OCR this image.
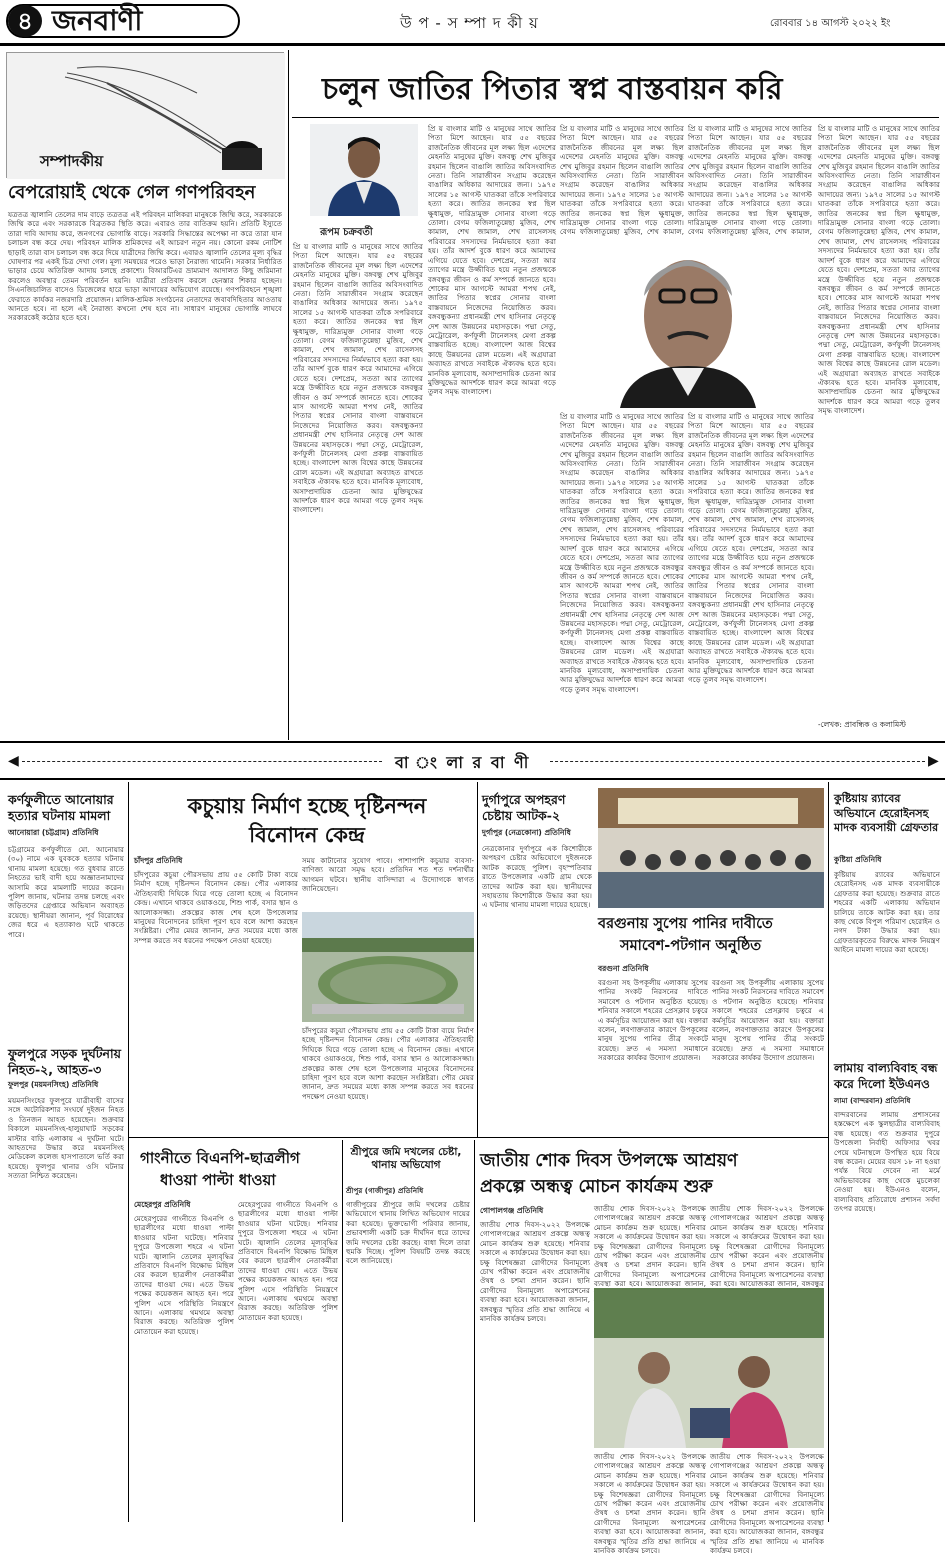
৪ জনবাণী	উ প - স ম্পা দ কী য়	রোববার ১৪ আগস্ট ২০২২ ইং
সম্পাদকীয়
বেপরোয়াই থেকে গেল গণপরিবহন
যত্রতত্র জ্বালানি তেলের দাম বাড়ে তত্রতত্র এই পরিবহন মালিকরা মানুষকে জিম্মি করে, সরকারকে জিম্মি করে এবং সরকারকে বিব্রতকর স্থিতি করে। এবারও তার ব্যতিক্রম হয়নি। প্রতিটি ইস্যুতে তারা দাবি আদায় করে, জনগণের ভোগান্তি বাড়ে। সরকারি সিদ্ধান্তের অপেক্ষা না করে তারা যান চলাচল বন্ধ করে দেয়। পরিবহন মালিক শ্রমিকদের এই আচরণ নতুন নয়। কোনো রকম নোটিশ ছাড়াই তারা বাস চলাচল বন্ধ করে দিয়ে যাত্রীদের জিম্মি করে। এবারও জ্বালানি তেলের মূল্য বৃদ্ধির ঘোষণার পর একই চিত্র দেখা গেল। মূল্য সমন্বয়ের পরেও ভাড়া নৈরাজ্য থামেনি। সরকার নির্ধারিত ভাড়ার চেয়ে অতিরিক্ত আদায় চলছে প্রকাশ্যে। বিআরটিএর ভ্রাম্যমাণ আদালত কিছু জরিমানা করলেও অবস্থার তেমন পরিবর্তন হয়নি। যাত্রীরা প্রতিবাদ করলে হেনস্তার শিকার হচ্ছেন। সিএনজিচালিত বাসেও ডিজেলের হারে ভাড়া আদায়ের অভিযোগ রয়েছে। গণপরিবহনে শৃঙ্খলা ফেরাতে কার্যকর নজরদারি প্রয়োজন। মালিক-শ্রমিক সংগঠনের নেতাদের জবাবদিহিতার আওতায় আনতে হবে। না হলে এই নৈরাজ্য কখনো শেষ হবে না। সাধারণ মানুষের ভোগান্তি লাঘবে সরকারকেই কঠোর হতে হবে।
চলুন জাতির পিতার স্বপ্ন বাস্তবায়ন করি
রূপম চক্রবর্তী
প্রি য় বাংলার মাটি ও মানুষের সাথে জাতির পিতা মিশে আছেন। যার ৫৫ বছরের রাজনৈতিক জীবনের মূল লক্ষ্য ছিল এদেশের মেহনতি মানুষের মুক্তি। বঙ্গবন্ধু শেখ মুজিবুর রহমান ছিলেন বাঙালি জাতির অবিসংবাদিত নেতা। তিনি সারাজীবন সংগ্রাম করেছেন বাঙালির অধিকার আদায়ের জন্য। ১৯৭৫ সালের ১৫ আগস্ট ঘাতকরা তাঁকে সপরিবারে হত্যা করে। জাতির জনকের স্বপ্ন ছিল ক্ষুধামুক্ত, দারিদ্র্যমুক্ত সোনার বাংলা গড়ে তোলা। বেগম ফজিলাতুন্নেছা মুজিব, শেখ কামাল, শেখ জামাল, শেখ রাসেলসহ পরিবারের সদস্যদের নির্মমভাবে হত্যা করা হয়। তাঁর আদর্শ বুকে ধারণ করে আমাদের এগিয়ে যেতে হবে। দেশপ্রেম, সততা আর ত্যাগের মন্ত্রে উজ্জীবিত হয়ে নতুন প্রজন্মকে বঙ্গবন্ধুর জীবন ও কর্ম সম্পর্কে জানতে হবে। শোকের মাস আগস্টে আমরা শপথ নেই, জাতির পিতার স্বপ্নের সোনার বাংলা বাস্তবায়নে নিজেদের নিয়োজিত করব। বঙ্গবন্ধুকন্যা প্রধানমন্ত্রী শেখ হাসিনার নেতৃত্বে দেশ আজ উন্নয়নের মহাসড়কে। পদ্মা সেতু, মেট্রোরেল, কর্ণফুলী টানেলসহ মেগা প্রকল্প বাস্তবায়িত হচ্ছে। বাংলাদেশ আজ বিশ্বের কাছে উন্নয়নের রোল মডেল। এই অগ্রযাত্রা অব্যাহত রাখতে সবাইকে ঐক্যবদ্ধ হতে হবে। মানবিক মূল্যবোধ, অসাম্প্রদায়িক চেতনা আর মুক্তিযুদ্ধের আদর্শকে ধারণ করে আমরা গড়ে তুলব সমৃদ্ধ বাংলাদেশ।
প্রি য় বাংলার মাটি ও মানুষের সাথে জাতির পিতা মিশে আছেন। যার ৫৫ বছরের রাজনৈতিক জীবনের মূল লক্ষ্য ছিল এদেশের মেহনতি মানুষের মুক্তি। বঙ্গবন্ধু শেখ মুজিবুর রহমান ছিলেন বাঙালি জাতির অবিসংবাদিত নেতা। তিনি সারাজীবন সংগ্রাম করেছেন বাঙালির অধিকার আদায়ের জন্য। ১৯৭৫ সালের ১৫ আগস্ট ঘাতকরা তাঁকে সপরিবারে হত্যা করে। জাতির জনকের স্বপ্ন ছিল ক্ষুধামুক্ত, দারিদ্র্যমুক্ত সোনার বাংলা গড়ে তোলা। বেগম ফজিলাতুন্নেছা মুজিব, শেখ কামাল, শেখ জামাল, শেখ রাসেলসহ পরিবারের সদস্যদের নির্মমভাবে হত্যা করা হয়। তাঁর আদর্শ বুকে ধারণ করে আমাদের এগিয়ে যেতে হবে। দেশপ্রেম, সততা আর ত্যাগের মন্ত্রে উজ্জীবিত হয়ে নতুন প্রজন্মকে বঙ্গবন্ধুর জীবন ও কর্ম সম্পর্কে জানতে হবে। শোকের মাস আগস্টে আমরা শপথ নেই, জাতির পিতার স্বপ্নের সোনার বাংলা বাস্তবায়নে নিজেদের নিয়োজিত করব। বঙ্গবন্ধুকন্যা প্রধানমন্ত্রী শেখ হাসিনার নেতৃত্বে দেশ আজ উন্নয়নের মহাসড়কে। পদ্মা সেতু, মেট্রোরেল, কর্ণফুলী টানেলসহ মেগা প্রকল্প বাস্তবায়িত হচ্ছে। বাংলাদেশ আজ বিশ্বের কাছে উন্নয়নের রোল মডেল। এই অগ্রযাত্রা অব্যাহত রাখতে সবাইকে ঐক্যবদ্ধ হতে হবে। মানবিক মূল্যবোধ, অসাম্প্রদায়িক চেতনা আর মুক্তিযুদ্ধের আদর্শকে ধারণ করে আমরা গড়ে তুলব সমৃদ্ধ বাংলাদেশ।
প্রি য় বাংলার মাটি ও মানুষের সাথে জাতির পিতা মিশে আছেন। যার ৫৫ বছরের রাজনৈতিক জীবনের মূল লক্ষ্য ছিল এদেশের মেহনতি মানুষের মুক্তি। বঙ্গবন্ধু শেখ মুজিবুর রহমান ছিলেন বাঙালি জাতির অবিসংবাদিত নেতা। তিনি সারাজীবন সংগ্রাম করেছেন বাঙালির অধিকার আদায়ের জন্য। ১৯৭৫ সালের ১৫ আগস্ট ঘাতকরা তাঁকে সপরিবারে হত্যা করে। জাতির জনকের স্বপ্ন ছিল ক্ষুধামুক্ত, দারিদ্র্যমুক্ত সোনার বাংলা গড়ে তোলা। বেগম ফজিলাতুন্নেছা মুজিব, শেখ কামাল,
প্রি য় বাংলার মাটি ও মানুষের সাথে জাতির পিতা মিশে আছেন। যার ৫৫ বছরের রাজনৈতিক জীবনের মূল লক্ষ্য ছিল এদেশের মেহনতি মানুষের মুক্তি। বঙ্গবন্ধু শেখ মুজিবুর রহমান ছিলেন বাঙালি জাতির অবিসংবাদিত নেতা। তিনি সারাজীবন সংগ্রাম করেছেন বাঙালির অধিকার আদায়ের জন্য। ১৯৭৫ সালের ১৫ আগস্ট ঘাতকরা তাঁকে সপরিবারে হত্যা করে। জাতির জনকের স্বপ্ন ছিল ক্ষুধামুক্ত, দারিদ্র্যমুক্ত সোনার বাংলা গড়ে তোলা। বেগম ফজিলাতুন্নেছা মুজিব, শেখ কামাল,
প্রি য় বাংলার মাটি ও মানুষের সাথে জাতির পিতা মিশে আছেন। যার ৫৫ বছরের রাজনৈতিক জীবনের মূল লক্ষ্য ছিল এদেশের মেহনতি মানুষের মুক্তি। বঙ্গবন্ধু শেখ মুজিবুর রহমান ছিলেন বাঙালি জাতির অবিসংবাদিত নেতা। তিনি সারাজীবন সংগ্রাম করেছেন বাঙালির অধিকার আদায়ের জন্য। ১৯৭৫ সালের ১৫ আগস্ট ঘাতকরা তাঁকে সপরিবারে হত্যা করে। জাতির জনকের স্বপ্ন ছিল ক্ষুধামুক্ত, দারিদ্র্যমুক্ত সোনার বাংলা গড়ে তোলা। বেগম ফজিলাতুন্নেছা মুজিব, শেখ কামাল, শেখ জামাল, শেখ রাসেলসহ পরিবারের সদস্যদের নির্মমভাবে হত্যা করা হয়। তাঁর আদর্শ বুকে ধারণ করে আমাদের এগিয়ে যেতে হবে। দেশপ্রেম, সততা আর ত্যাগের মন্ত্রে উজ্জীবিত হয়ে নতুন প্রজন্মকে বঙ্গবন্ধুর জীবন ও কর্ম সম্পর্কে জানতে হবে। শোকের মাস আগস্টে আমরা শপথ নেই, জাতির পিতার স্বপ্নের সোনার বাংলা বাস্তবায়নে নিজেদের নিয়োজিত করব। বঙ্গবন্ধুকন্যা প্রধানমন্ত্রী শেখ হাসিনার নেতৃত্বে দেশ আজ উন্নয়নের মহাসড়কে। পদ্মা সেতু, মেট্রোরেল, কর্ণফুলী টানেলসহ মেগা প্রকল্প বাস্তবায়িত হচ্ছে। বাংলাদেশ আজ বিশ্বের কাছে উন্নয়নের রোল মডেল। এই অগ্রযাত্রা অব্যাহত রাখতে সবাইকে ঐক্যবদ্ধ হতে হবে। মানবিক মূল্যবোধ, অসাম্প্রদায়িক চেতনা আর মুক্তিযুদ্ধের আদর্শকে ধারণ করে আমরা গড়ে তুলব সমৃদ্ধ বাংলাদেশ।
প্রি য় বাংলার মাটি ও মানুষের সাথে জাতির পিতা মিশে আছেন। যার ৫৫ বছরের রাজনৈতিক জীবনের মূল লক্ষ্য ছিল এদেশের মেহনতি মানুষের মুক্তি। বঙ্গবন্ধু শেখ মুজিবুর রহমান ছিলেন বাঙালি জাতির অবিসংবাদিত নেতা। তিনি সারাজীবন সংগ্রাম করেছেন বাঙালির অধিকার আদায়ের জন্য। ১৯৭৫ সালের ১৫ আগস্ট ঘাতকরা তাঁকে সপরিবারে হত্যা করে। জাতির জনকের স্বপ্ন ছিল ক্ষুধামুক্ত, দারিদ্র্যমুক্ত সোনার বাংলা গড়ে তোলা। বেগম ফজিলাতুন্নেছা মুজিব, শেখ কামাল, শেখ জামাল, শেখ রাসেলসহ পরিবারের সদস্যদের নির্মমভাবে হত্যা করা হয়। তাঁর আদর্শ বুকে ধারণ করে আমাদের এগিয়ে যেতে হবে। দেশপ্রেম, সততা আর ত্যাগের মন্ত্রে উজ্জীবিত হয়ে নতুন প্রজন্মকে বঙ্গবন্ধুর জীবন ও কর্ম সম্পর্কে জানতে হবে। শোকের মাস আগস্টে আমরা শপথ নেই, জাতির পিতার স্বপ্নের সোনার বাংলা বাস্তবায়নে নিজেদের নিয়োজিত করব। বঙ্গবন্ধুকন্যা প্রধানমন্ত্রী শেখ হাসিনার নেতৃত্বে দেশ আজ উন্নয়নের মহাসড়কে। পদ্মা সেতু, মেট্রোরেল, কর্ণফুলী টানেলসহ মেগা প্রকল্প বাস্তবায়িত হচ্ছে। বাংলাদেশ আজ বিশ্বের কাছে উন্নয়নের রোল মডেল। এই অগ্রযাত্রা অব্যাহত রাখতে সবাইকে ঐক্যবদ্ধ হতে হবে। মানবিক মূল্যবোধ, অসাম্প্রদায়িক চেতনা আর মুক্তিযুদ্ধের আদর্শকে ধারণ করে আমরা গড়ে তুলব সমৃদ্ধ বাংলাদেশ।
প্রি য় বাংলার মাটি ও মানুষের সাথে জাতির পিতা মিশে আছেন। যার ৫৫ বছরের রাজনৈতিক জীবনের মূল লক্ষ্য ছিল এদেশের মেহনতি মানুষের মুক্তি। বঙ্গবন্ধু শেখ মুজিবুর রহমান ছিলেন বাঙালি জাতির অবিসংবাদিত নেতা। তিনি সারাজীবন সংগ্রাম করেছেন বাঙালির অধিকার আদায়ের জন্য। ১৯৭৫ সালের ১৫ আগস্ট ঘাতকরা তাঁকে সপরিবারে হত্যা করে। জাতির জনকের স্বপ্ন ছিল ক্ষুধামুক্ত, দারিদ্র্যমুক্ত সোনার বাংলা গড়ে তোলা। বেগম ফজিলাতুন্নেছা মুজিব, শেখ কামাল, শেখ জামাল, শেখ রাসেলসহ পরিবারের সদস্যদের নির্মমভাবে হত্যা করা হয়। তাঁর আদর্শ বুকে ধারণ করে আমাদের এগিয়ে যেতে হবে। দেশপ্রেম, সততা আর ত্যাগের মন্ত্রে উজ্জীবিত হয়ে নতুন প্রজন্মকে বঙ্গবন্ধুর জীবন ও কর্ম সম্পর্কে জানতে হবে। শোকের মাস আগস্টে আমরা শপথ নেই, জাতির পিতার স্বপ্নের সোনার বাংলা বাস্তবায়নে নিজেদের নিয়োজিত করব। বঙ্গবন্ধুকন্যা প্রধানমন্ত্রী শেখ হাসিনার নেতৃত্বে দেশ আজ উন্নয়নের মহাসড়কে। পদ্মা সেতু, মেট্রোরেল, কর্ণফুলী টানেলসহ মেগা প্রকল্প বাস্তবায়িত হচ্ছে। বাংলাদেশ আজ বিশ্বের কাছে উন্নয়নের রোল মডেল। এই অগ্রযাত্রা অব্যাহত রাখতে সবাইকে ঐক্যবদ্ধ হতে হবে। মানবিক মূল্যবোধ, অসাম্প্রদায়িক চেতনা আর মুক্তিযুদ্ধের আদর্শকে ধারণ করে আমরা গড়ে তুলব সমৃদ্ধ বাংলাদেশ।
-লেখক: প্রাবন্ধিক ও কলামিস্ট
◀	বা ং লা র বা ণী	▶
কর্ণফুলীতে আনোয়ার হত্যার ঘটনায় মামলা
আনোয়ারা (চট্টগ্রাম) প্রতিনিধি
চট্টগ্রামের কর্ণফুলীতে মো. আনোয়ার (৩০) নামে এক যুবককে হত্যার ঘটনায় থানায় মামলা হয়েছে। গত বুধবার রাতে নিহতের ভাই বাদী হয়ে অজ্ঞাতনামাদের আসামি করে মামলাটি দায়ের করেন। পুলিশ জানায়, ঘটনার তদন্ত চলছে এবং জড়িতদের গ্রেপ্তারে অভিযান অব্যাহত রয়েছে। স্থানীয়রা জানান, পূর্ব বিরোধের জের ধরে এ হত্যাকাণ্ড ঘটে থাকতে পারে।
ফুলপুরে সড়ক দুর্ঘটনায় নিহত-২, আহত-৩
ফুলপুর (ময়মনসিংহ) প্রতিনিধি
ময়মনসিংহের ফুলপুরে যাত্রীবাহী বাসের সঙ্গে অটোরিকশার সংঘর্ষে দুইজন নিহত ও তিনজন আহত হয়েছেন। শুক্রবার বিকালে ময়মনসিংহ-হালুয়াঘাট সড়কের মাস্টার বাড়ি এলাকায় এ দুর্ঘটনা ঘটে। আহতদের উদ্ধার করে ময়মনসিংহ মেডিকেল কলেজ হাসপাতালে ভর্তি করা হয়েছে। ফুলপুর থানার ওসি ঘটনার সত্যতা নিশ্চিত করেছেন।
কচুয়ায় নির্মাণ হচ্ছে দৃষ্টিনন্দন
বিনোদন কেন্দ্র
চাঁদপুর প্রতিনিধি
চাঁদপুরের কচুয়া পৌরসভায় প্রায় ৫৫ কোটি টাকা ব্যয়ে নির্মাণ হচ্ছে দৃষ্টিনন্দন বিনোদন কেন্দ্র। পৌর এলাকার ঐতিহ্যবাহী দিঘিকে ঘিরে গড়ে তোলা হচ্ছে এ বিনোদন কেন্দ্র। এখানে থাকবে ওয়াকওয়ে, শিশু পার্ক, বসার স্থান ও আলোকসজ্জা। প্রকল্পের কাজ শেষ হলে উপজেলার মানুষের বিনোদনের চাহিদা পূরণ হবে বলে আশা করছেন সংশ্লিষ্টরা। পৌর মেয়র জানান, দ্রুত সময়ের মধ্যে কাজ সম্পন্ন করতে সব ধরনের পদক্ষেপ নেওয়া হয়েছে।
সময় কাটানোর সুযোগ পাবে। পাশাপাশি কচুয়ার ব্যবসা-বাণিজ্য আরো সমৃদ্ধ হবে। প্রতিদিন শত শত দর্শনার্থীর আগমন ঘটবে। স্থানীয় বাসিন্দারা এ উদ্যোগকে স্বাগত জানিয়েছেন।
চাঁদপুরের কচুয়া পৌরসভায় প্রায় ৫৫ কোটি টাকা ব্যয়ে নির্মাণ হচ্ছে দৃষ্টিনন্দন বিনোদন কেন্দ্র। পৌর এলাকার ঐতিহ্যবাহী দিঘিকে ঘিরে গড়ে তোলা হচ্ছে এ বিনোদন কেন্দ্র। এখানে থাকবে ওয়াকওয়ে, শিশু পার্ক, বসার স্থান ও আলোকসজ্জা। প্রকল্পের কাজ শেষ হলে উপজেলার মানুষের বিনোদনের চাহিদা পূরণ হবে বলে আশা করছেন সংশ্লিষ্টরা। পৌর মেয়র জানান, দ্রুত সময়ের মধ্যে কাজ সম্পন্ন করতে সব ধরনের পদক্ষেপ নেওয়া হয়েছে।
দুর্গাপুরে অপহরণ চেষ্টায় আটক-২
দুর্গাপুর (নেত্রকোনা) প্রতিনিধি
নেত্রকোনার দুর্গাপুরে এক কিশোরীকে অপহরণ চেষ্টার অভিযোগে দুইজনকে আটক করেছে পুলিশ। বৃহস্পতিবার রাতে উপজেলার একটি গ্রাম থেকে তাদের আটক করা হয়। স্থানীয়দের সহায়তায় কিশোরীকে উদ্ধার করা হয়। এ ঘটনায় থানায় মামলা দায়ের হয়েছে।
বরগুনায় সুপেয় পানির দাবীতে
সমাবেশ-পটগান অনুষ্ঠিত
বরগুনা প্রতিনিধি
বরগুনা সহ উপকূলীয় এলাকায় সুপেয় পানির সংকট নিরসনের দাবিতে সমাবেশ ও পটগান অনুষ্ঠিত হয়েছে। শনিবার সকালে শহরের প্রেসক্লাব চত্বরে এ কর্মসূচির আয়োজন করা হয়। বক্তারা বলেন, লবণাক্ততার কারণে উপকূলের মানুষ সুপেয় পানির তীব্র সংকটে রয়েছে। দ্রুত এ সমস্যা সমাধানে সরকারের কার্যকর উদ্যোগ প্রয়োজন।
বরগুনা সহ উপকূলীয় এলাকায় সুপেয় পানির সংকট নিরসনের দাবিতে সমাবেশ ও পটগান অনুষ্ঠিত হয়েছে। শনিবার সকালে শহরের প্রেসক্লাব চত্বরে এ কর্মসূচির আয়োজন করা হয়। বক্তারা বলেন, লবণাক্ততার কারণে উপকূলের মানুষ সুপেয় পানির তীব্র সংকটে রয়েছে। দ্রুত এ সমস্যা সমাধানে সরকারের কার্যকর উদ্যোগ প্রয়োজন।
কুষ্টিয়ায় র‍্যাবের অভিযানে হেরোইনসহ মাদক ব্যবসায়ী গ্রেফতার
কুষ্টিয়া প্রতিনিধি
কুষ্টিয়ায় র‍্যাবের অভিযানে হেরোইনসহ এক মাদক ব্যবসায়ীকে গ্রেফতার করা হয়েছে। শুক্রবার রাতে শহরের একটি এলাকায় অভিযান চালিয়ে তাকে আটক করা হয়। তার কাছ থেকে বিপুল পরিমাণ হেরোইন ও নগদ টাকা উদ্ধার করা হয়। গ্রেফতারকৃতের বিরুদ্ধে মাদক নিয়ন্ত্রণ আইনে মামলা দায়ের করা হয়েছে।
লামায় বাল্যবিবাহ বন্ধ করে দিলো ইউএনও
লামা (বান্দরবান) প্রতিনিধি
বান্দরবানের লামায় প্রশাসনের হস্তক্ষেপে এক স্কুলছাত্রীর বাল্যবিবাহ বন্ধ হয়েছে। গত শুক্রবার দুপুরে উপজেলা নির্বাহী অফিসার খবর পেয়ে ঘটনাস্থলে উপস্থিত হয়ে বিয়ে বন্ধ করেন। মেয়ের বয়স ১৮ না হওয়া পর্যন্ত বিয়ে দেবেন না মর্মে অভিভাবকের কাছ থেকে মুচলেকা নেওয়া হয়। ইউএনও বলেন, বাল্যবিবাহ প্রতিরোধে প্রশাসন সর্বদা তৎপর রয়েছে।
গাংনীতে বিএনপি-ছাত্রলীগ
ধাওয়া পাল্টা ধাওয়া
মেহেরপুর প্রতিনিধি
মেহেরপুরের গাংনীতে বিএনপি ও ছাত্রলীগের মধ্যে ধাওয়া পাল্টা ধাওয়ার ঘটনা ঘটেছে। শনিবার দুপুরে উপজেলা শহরে এ ঘটনা ঘটে। জ্বালানি তেলের মূল্যবৃদ্ধির প্রতিবাদে বিএনপি বিক্ষোভ মিছিল বের করলে ছাত্রলীগ নেতাকর্মীরা তাদের ধাওয়া দেয়। এতে উভয় পক্ষের কয়েকজন আহত হন। পরে পুলিশ এসে পরিস্থিতি নিয়ন্ত্রণে আনে। এলাকায় থমথমে অবস্থা বিরাজ করছে। অতিরিক্ত পুলিশ মোতায়েন করা হয়েছে।
মেহেরপুরের গাংনীতে বিএনপি ও ছাত্রলীগের মধ্যে ধাওয়া পাল্টা ধাওয়ার ঘটনা ঘটেছে। শনিবার দুপুরে উপজেলা শহরে এ ঘটনা ঘটে। জ্বালানি তেলের মূল্যবৃদ্ধির প্রতিবাদে বিএনপি বিক্ষোভ মিছিল বের করলে ছাত্রলীগ নেতাকর্মীরা তাদের ধাওয়া দেয়। এতে উভয় পক্ষের কয়েকজন আহত হন। পরে পুলিশ এসে পরিস্থিতি নিয়ন্ত্রণে আনে। এলাকায় থমথমে অবস্থা বিরাজ করছে। অতিরিক্ত পুলিশ মোতায়েন করা হয়েছে।
শ্রীপুরে জমি দখলের চেষ্টা, থানায় অভিযোগ
শ্রীপুর (গাজীপুর) প্রতিনিধি
গাজীপুরের শ্রীপুরে জমি দখলের চেষ্টার অভিযোগে থানায় লিখিত অভিযোগ দায়ের করা হয়েছে। ভুক্তভোগী পরিবার জানায়, প্রভাবশালী একটি চক্র দীর্ঘদিন ধরে তাদের জমি দখলের চেষ্টা করছে। বাধা দিলে তারা হুমকি দিচ্ছে। পুলিশ বিষয়টি তদন্ত করছে বলে জানিয়েছে।
জাতীয় শোক দিবস উপলক্ষে আশ্রয়ণ
প্রকল্পে অন্ধত্ব মোচন কার্যক্রম শুরু
গোপালগঞ্জ প্রতিনিধি
জাতীয় শোক দিবস-২০২২ উপলক্ষে গোপালগঞ্জের আশ্রয়ণ প্রকল্পে অন্ধত্ব মোচন কার্যক্রম শুরু হয়েছে। শনিবার সকালে এ কার্যক্রমের উদ্বোধন করা হয়। চক্ষু বিশেষজ্ঞরা রোগীদের বিনামূল্যে চোখ পরীক্ষা করেন এবং প্রয়োজনীয় ঔষধ ও চশমা প্রদান করেন। ছানি রোগীদের বিনামূল্যে অপারেশনের ব্যবস্থা করা হবে। আয়োজকরা জানান, বঙ্গবন্ধুর স্মৃতির প্রতি শ্রদ্ধা জানিয়ে এ মানবিক কার্যক্রম চলবে।
জাতীয় শোক দিবস-২০২২ উপলক্ষে গোপালগঞ্জের আশ্রয়ণ প্রকল্পে অন্ধত্ব মোচন কার্যক্রম শুরু হয়েছে। শনিবার সকালে এ কার্যক্রমের উদ্বোধন করা হয়। চক্ষু বিশেষজ্ঞরা রোগীদের বিনামূল্যে চোখ পরীক্ষা করেন এবং প্রয়োজনীয় ঔষধ ও চশমা প্রদান করেন। ছানি রোগীদের বিনামূল্যে অপারেশনের ব্যবস্থা করা হবে। আয়োজকরা জানান,
জাতীয় শোক দিবস-২০২২ উপলক্ষে গোপালগঞ্জের আশ্রয়ণ প্রকল্পে অন্ধত্ব মোচন কার্যক্রম শুরু হয়েছে। শনিবার সকালে এ কার্যক্রমের উদ্বোধন করা হয়। চক্ষু বিশেষজ্ঞরা রোগীদের বিনামূল্যে চোখ পরীক্ষা করেন এবং প্রয়োজনীয় ঔষধ ও চশমা প্রদান করেন। ছানি রোগীদের বিনামূল্যে অপারেশনের ব্যবস্থা করা হবে। আয়োজকরা জানান, বঙ্গবন্ধুর
জাতীয় শোক দিবস-২০২২ উপলক্ষে গোপালগঞ্জের আশ্রয়ণ প্রকল্পে অন্ধত্ব মোচন কার্যক্রম শুরু হয়েছে। শনিবার সকালে এ কার্যক্রমের উদ্বোধন করা হয়। চক্ষু বিশেষজ্ঞরা রোগীদের বিনামূল্যে চোখ পরীক্ষা করেন এবং প্রয়োজনীয় ঔষধ ও চশমা প্রদান করেন। ছানি রোগীদের বিনামূল্যে অপারেশনের ব্যবস্থা করা হবে। আয়োজকরা জানান, বঙ্গবন্ধুর স্মৃতির প্রতি শ্রদ্ধা জানিয়ে এ মানবিক কার্যক্রম চলবে।
জাতীয় শোক দিবস-২০২২ উপলক্ষে গোপালগঞ্জের আশ্রয়ণ প্রকল্পে অন্ধত্ব মোচন কার্যক্রম শুরু হয়েছে। শনিবার সকালে এ কার্যক্রমের উদ্বোধন করা হয়। চক্ষু বিশেষজ্ঞরা রোগীদের বিনামূল্যে চোখ পরীক্ষা করেন এবং প্রয়োজনীয় ঔষধ ও চশমা প্রদান করেন। ছানি রোগীদের বিনামূল্যে অপারেশনের ব্যবস্থা করা হবে। আয়োজকরা জানান, বঙ্গবন্ধুর স্মৃতির প্রতি শ্রদ্ধা জানিয়ে এ মানবিক কার্যক্রম চলবে।
